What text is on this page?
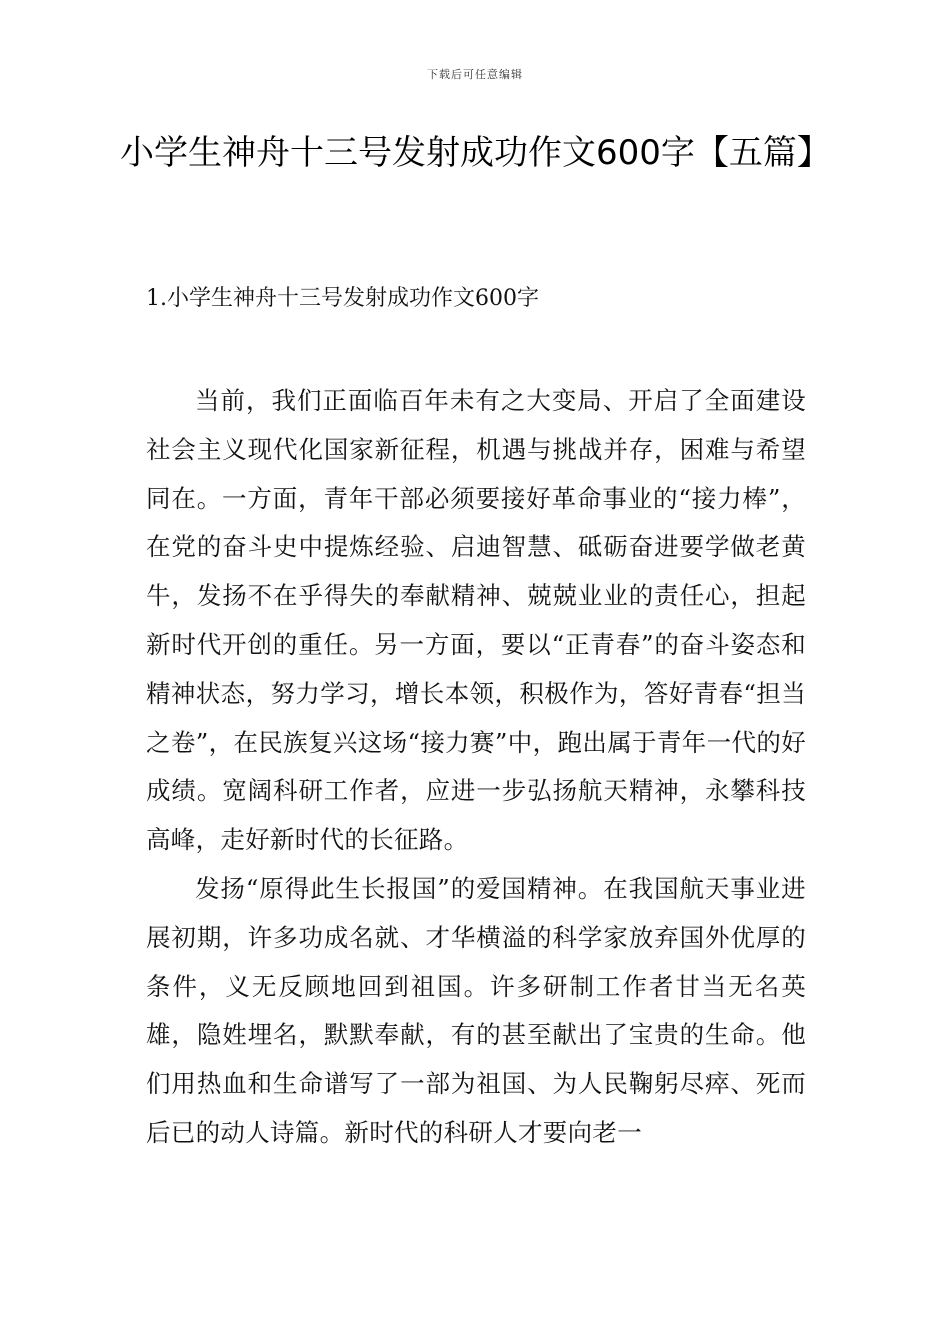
下载后可任意编辑
小学生神舟十三号发射成功作文600字【五篇】
1.小学生神舟十三号发射成功作文600字

当前，我们正面临百年未有之大变局、开启了全面建设社会主义现代化国家新征程，机遇与挑战并存，困难与希望同在。一方面，青年干部必须要接好革命事业的“接力棒”，在党的奋斗史中提炼经验、启迪智慧、砥砺奋进要学做老黄牛，发扬不在乎得失的奉献精神、兢兢业业的责任心，担起新时代开创的重任。另一方面，要以“正青春”的奋斗姿态和精神状态，努力学习，增长本领，积极作为，答好青春“担当之卷”，在民族复兴这场“接力赛”中，跑出属于青年一代的好成绩。宽阔科研工作者，应进一步弘扬航天精神，永攀科技高峰，走好新时代的长征路。

发扬“原得此生长报国”的爱国精神。在我国航天事业进展初期，许多功成名就、才华横溢的科学家放弃国外优厚的条件，义无反顾地回到祖国。许多研制工作者甘当无名英雄，隐姓埋名，默默奉献，有的甚至献出了宝贵的生命。他们用热血和生命谱写了一部为祖国、为人民鞠躬尽瘁、死而后已的动人诗篇。新时代的科研人才要向老一
